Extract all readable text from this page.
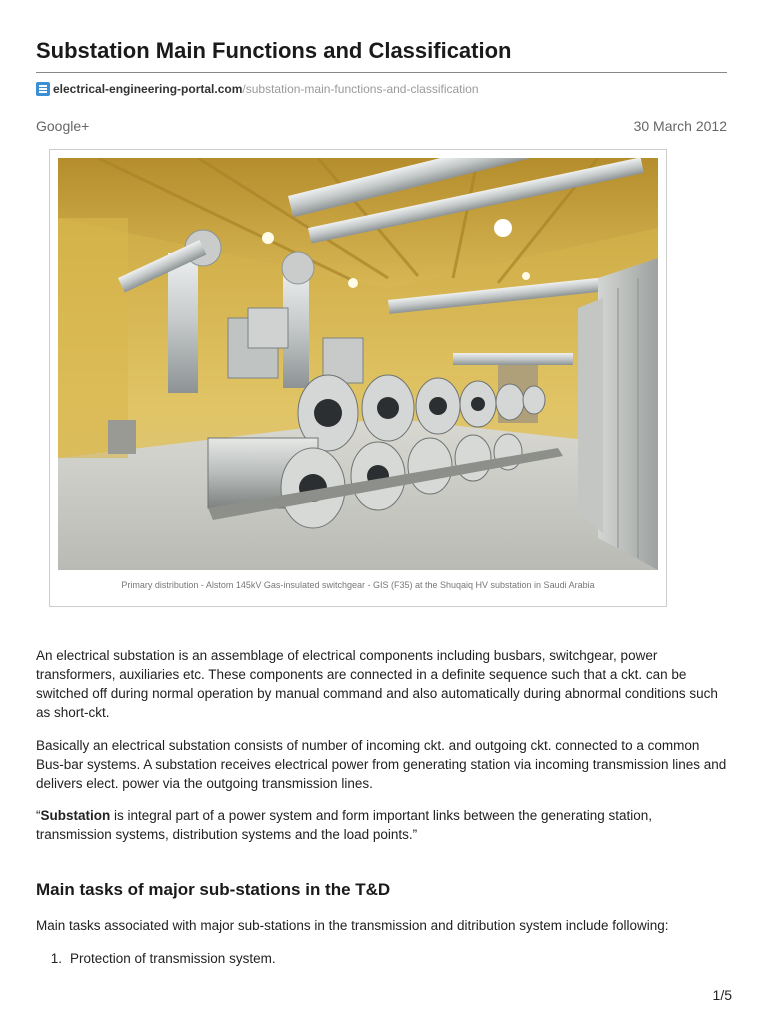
Substation Main Functions and Classification
electrical-engineering-portal.com /substation-main-functions-and-classification
Google+	30 March 2012
Primary distribution - Alstom 145kV Gas-insulated switchgear - GIS (F35) at the Shuqaiq HV substation in Saudi Arabia

An electrical substation is an assemblage of electrical components including busbars, switchgear, power transformers, auxiliaries etc. These components are connected in a definite sequence such that a ckt. can be switched off during normal operation by manual command and also automatically during abnormal conditions such as short-ckt.

Basically an electrical substation consists of number of incoming ckt. and outgoing ckt. connected to a common Bus-bar systems. A substation receives electrical power from generating station via incoming transmission lines and delivers elect. power via the outgoing transmission lines.

“Substation is integral part of a power system and form important links between the generating station, transmission systems, distribution systems and the load points.”

Main tasks of major sub-stations in the T&D
Main tasks associated with major sub-stations in the transmission and ditribution system include following:
1. Protection of transmission system.
1/5
